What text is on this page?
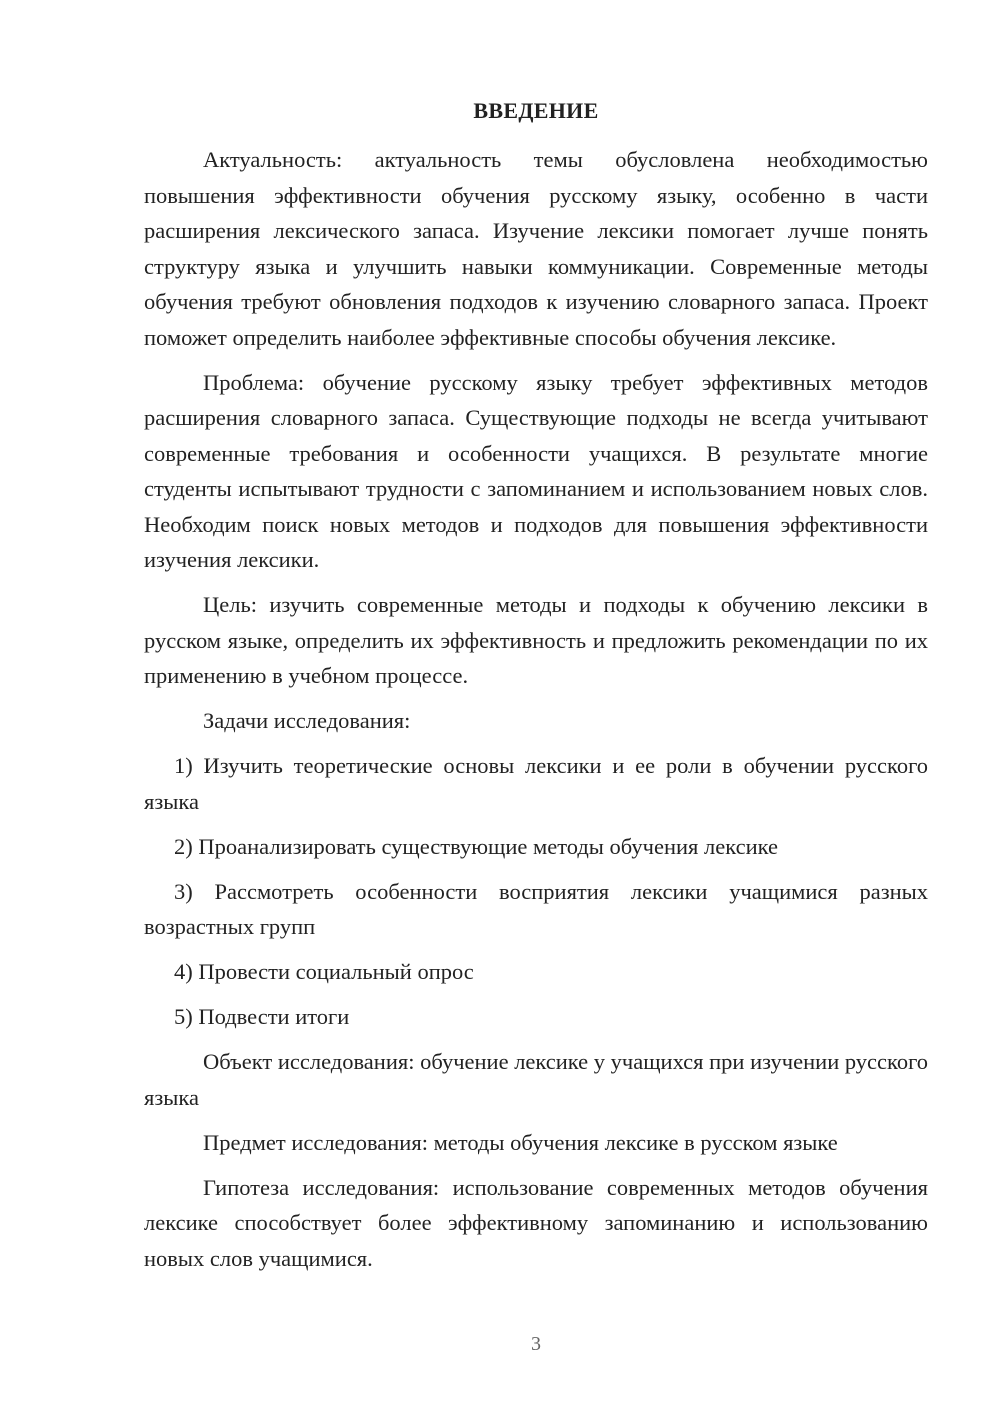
ВВЕДЕНИЕ

Актуальность: актуальность темы обусловлена необходимостью повышения эффективности обучения русскому языку, особенно в части расширения лексического запаса. Изучение лексики помогает лучше понять структуру языка и улучшить навыки коммуникации. Современные методы обучения требуют обновления подходов к изучению словарного запаса. Проект поможет определить наиболее эффективные способы обучения лексике.

Проблема: обучение русскому языку требует эффективных методов расширения словарного запаса. Существующие подходы не всегда учитывают современные требования и особенности учащихся. В результате многие студенты испытывают трудности с запоминанием и использованием новых слов. Необходим поиск новых методов и подходов для повышения эффективности изучения лексики.

Цель: изучить современные методы и подходы к обучению лексики в русском языке, определить их эффективность и предложить рекомендации по их применению в учебном процессе.

Задачи исследования:

1) Изучить теоретические основы лексики и ее роли в обучении русского языка

2) Проанализировать существующие методы обучения лексике

3) Рассмотреть особенности восприятия лексики учащимися разных возрастных групп

4) Провести социальный опрос

5) Подвести итоги

Объект исследования: обучение лексике у учащихся при изучении русского языка

Предмет исследования: методы обучения лексике в русском языке

Гипотеза исследования: использование современных методов обучения лексике способствует более эффективному запоминанию и использованию новых слов учащимися.

3
